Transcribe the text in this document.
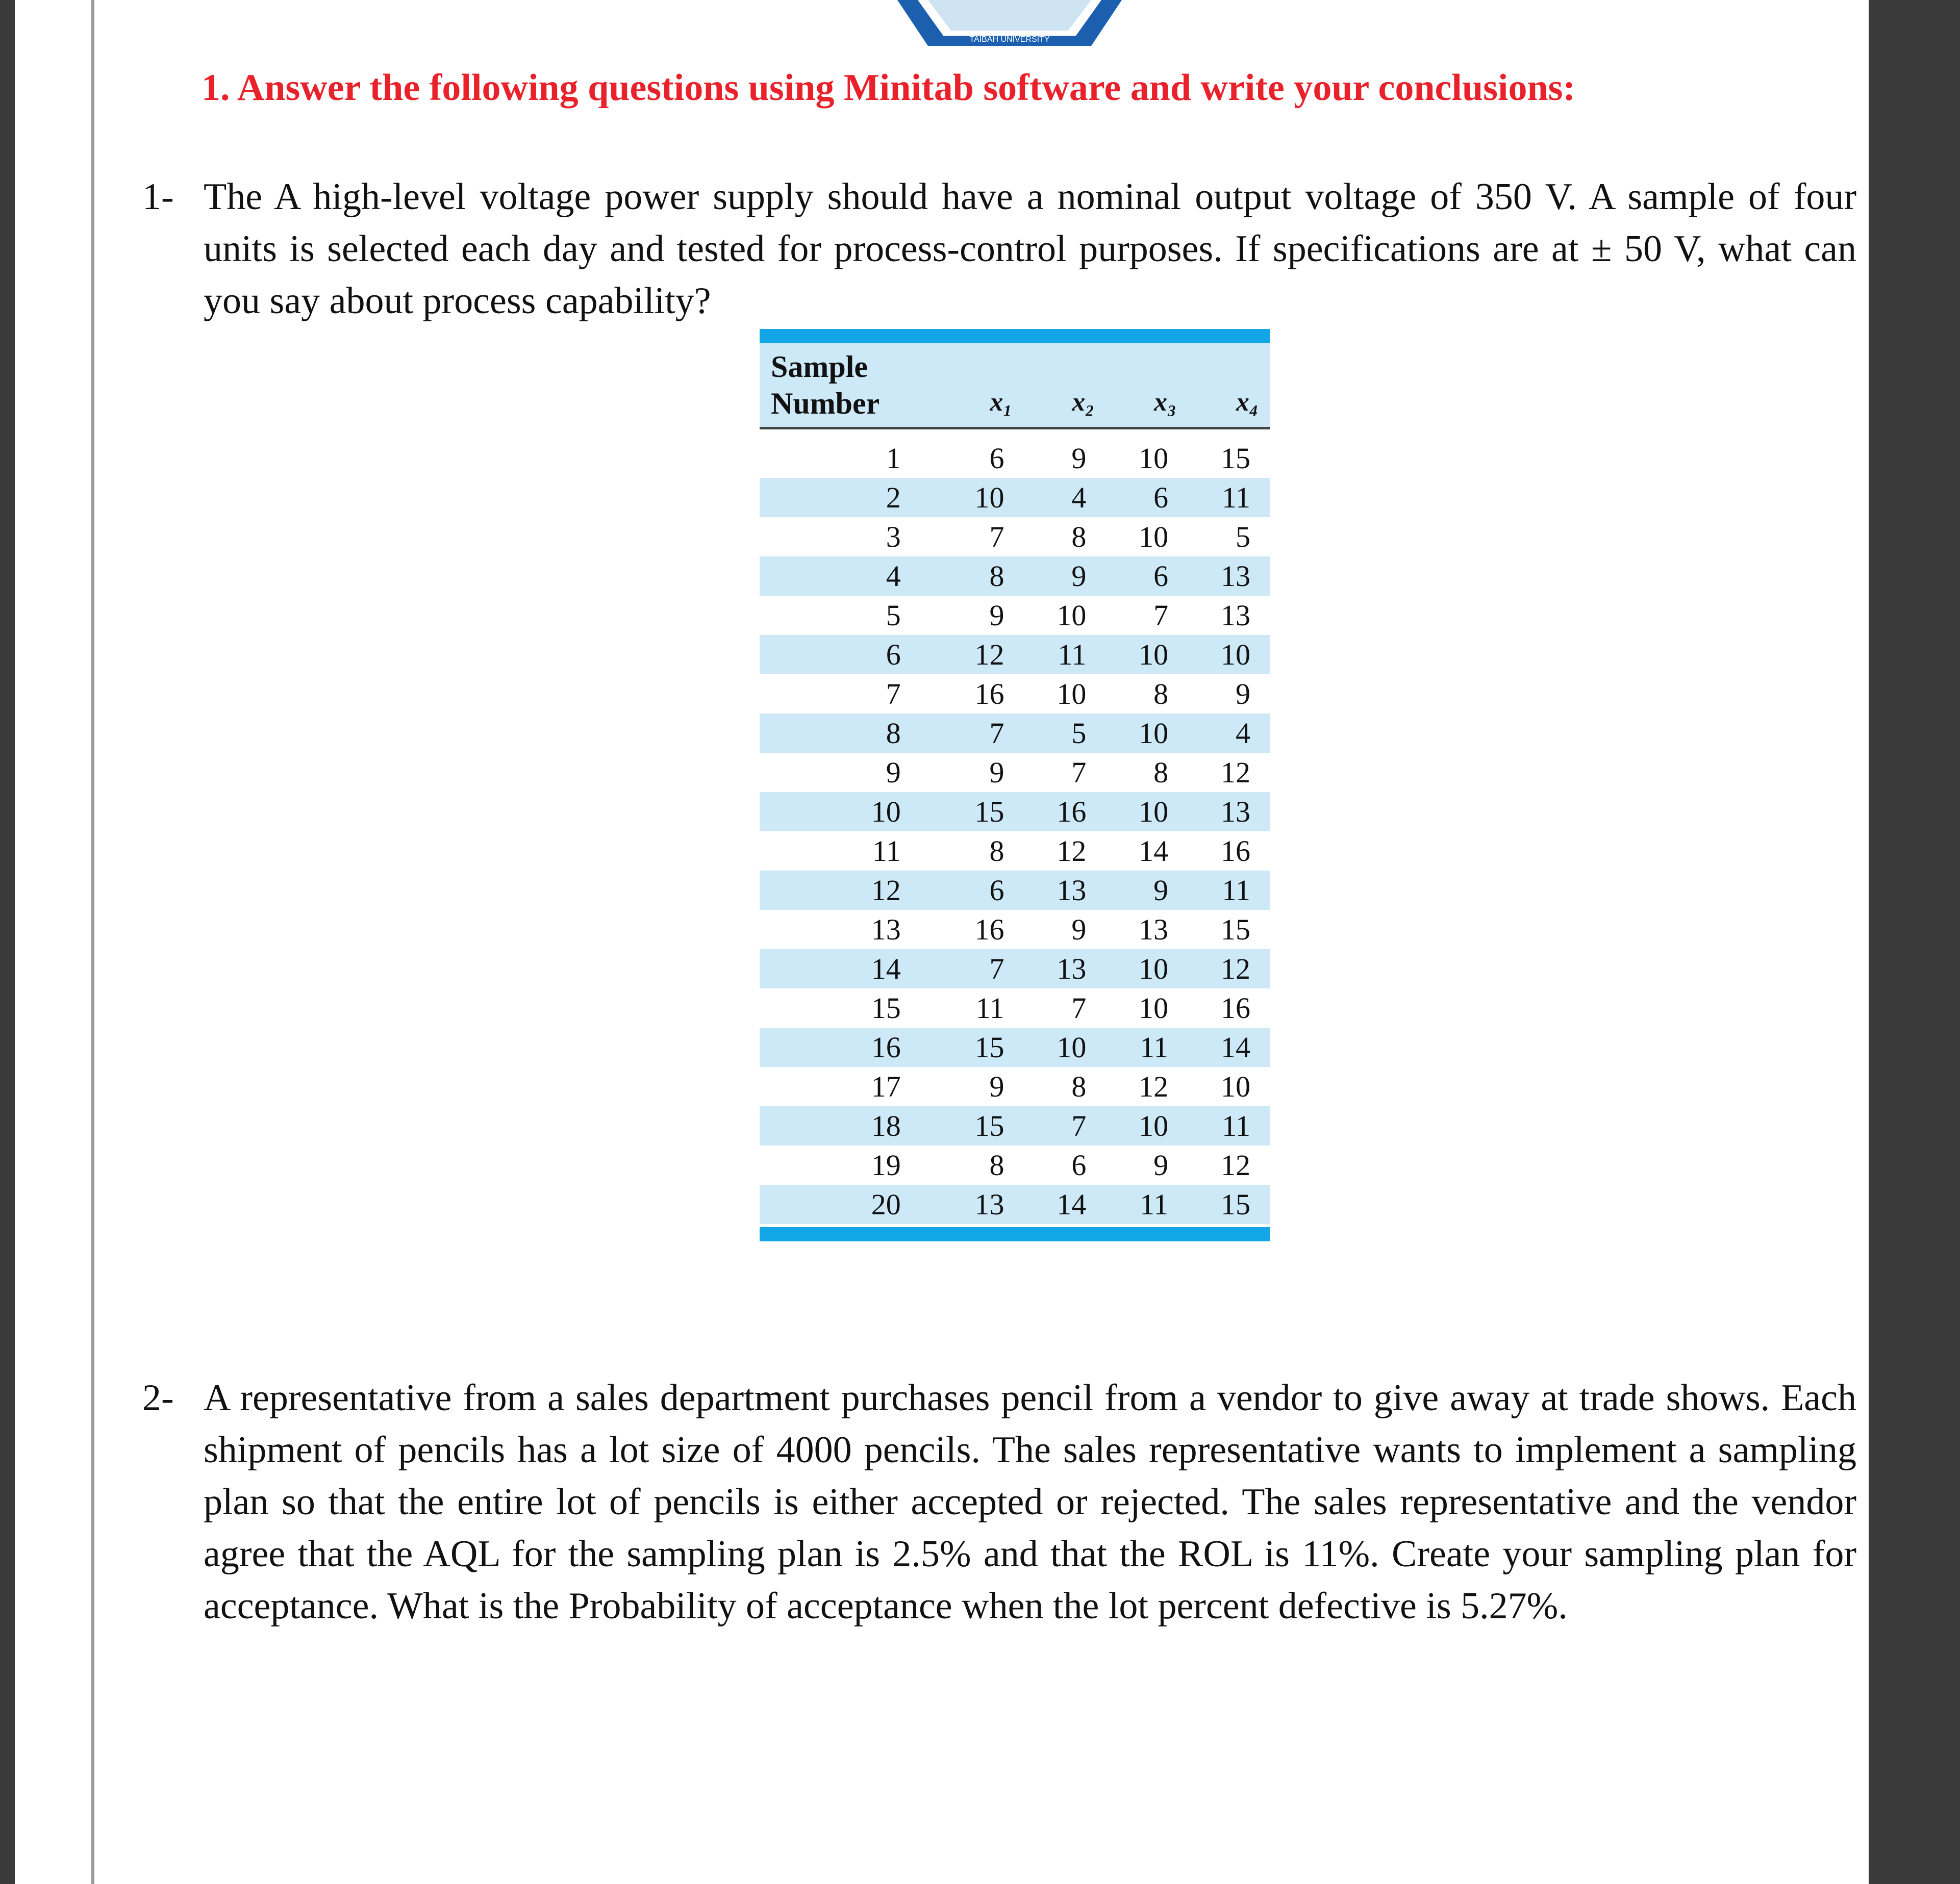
TAIBAH UNIVERSITY
1. Answer the following questions using Minitab software and write your conclusions:
1- The A high-level voltage power supply should have a nominal output voltage of 350 V. A sample of four units is selected each day and tested for process-control purposes. If specifications are at ± 50 V, what can you say about process capability?
Sample
Number	x₁	x₂	x₃	x₄
1	6	9	10	15
2	10	4	6	11
3	7	8	10	5
4	8	9	6	13
5	9	10	7	13
6	12	11	10	10
7	16	10	8	9
8	7	5	10	4
9	9	7	8	12
10	15	16	10	13
11	8	12	14	16
12	6	13	9	11
13	16	9	13	15
14	7	13	10	12
15	11	7	10	16
16	15	10	11	14
17	9	8	12	10
18	15	7	10	11
19	8	6	9	12
20	13	14	11	15
2- A representative from a sales department purchases pencil from a vendor to give away at trade shows. Each shipment of pencils has a lot size of 4000 pencils. The sales representative wants to implement a sampling plan so that the entire lot of pencils is either accepted or rejected. The sales representative and the vendor agree that the AQL for the sampling plan is 2.5% and that the ROL is 11%. Create your sampling plan for acceptance. What is the Probability of acceptance when the lot percent defective is 5.27%.
